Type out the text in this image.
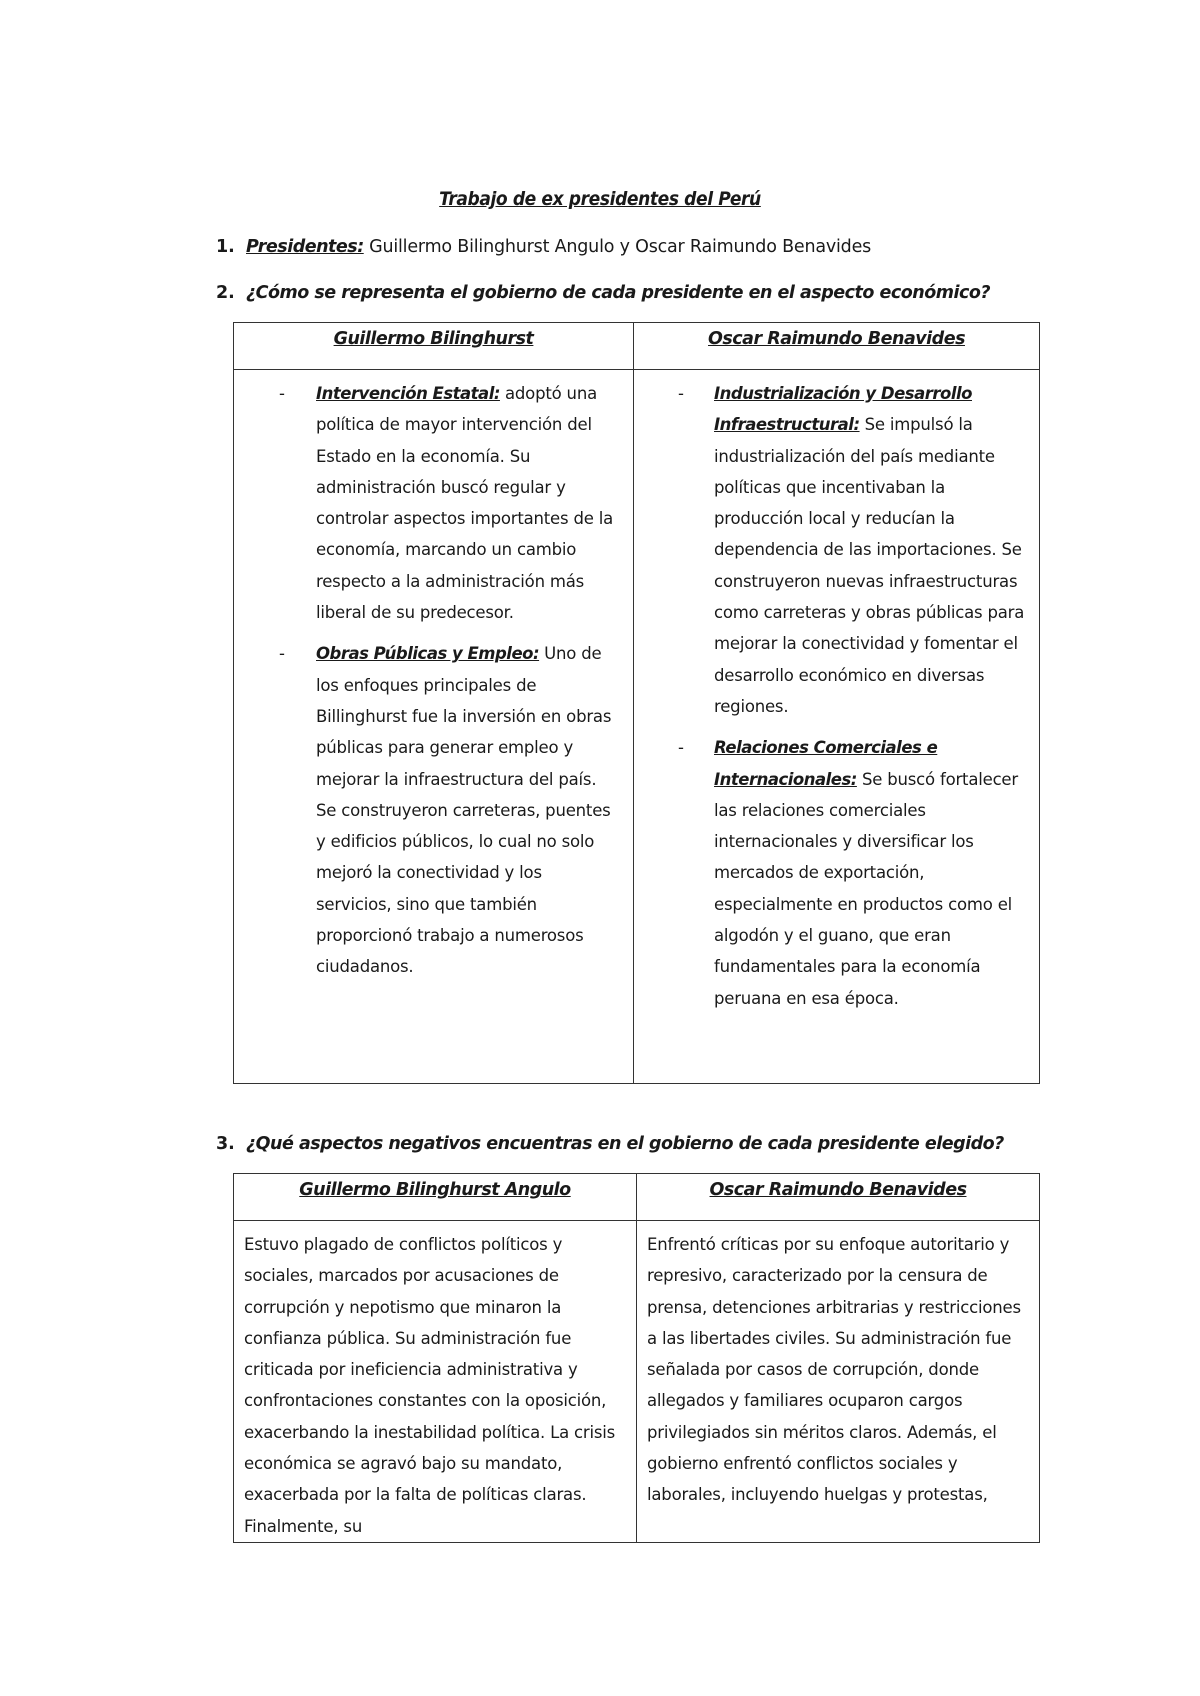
Trabajo de ex presidentes del Perú
1. Presidentes: Guillermo Bilinghurst Angulo y Oscar Raimundo Benavides
2. ¿Cómo se representa el gobierno de cada presidente en el aspecto económico?
Guillermo Bilinghurst	Oscar Raimundo Benavides

- Intervención Estatal: adoptó una política de mayor intervención del Estado en la economía. Su administración buscó regular y controlar aspectos importantes de la economía, marcando un cambio respecto a la administración más liberal de su predecesor.
- Obras Públicas y Empleo: Uno de los enfoques principales de Billinghurst fue la inversión en obras públicas para generar empleo y mejorar la infraestructura del país. Se construyeron carreteras, puentes y edificios públicos, lo cual no solo mejoró la conectividad y los servicios, sino que también proporcionó trabajo a numerosos ciudadanos.

- Industrialización y Desarrollo Infraestructural: Se impulsó la industrialización del país mediante políticas que incentivaban la producción local y reducían la dependencia de las importaciones. Se construyeron nuevas infraestructuras como carreteras y obras públicas para mejorar la conectividad y fomentar el desarrollo económico en diversas regiones.
- Relaciones Comerciales e Internacionales: Se buscó fortalecer las relaciones comerciales internacionales y diversificar los mercados de exportación, especialmente en productos como el algodón y el guano, que eran fundamentales para la economía peruana en esa época.
3. ¿Qué aspectos negativos encuentras en el gobierno de cada presidente elegido?
Guillermo Bilinghurst Angulo	Oscar Raimundo Benavides

Estuvo plagado de conflictos políticos y sociales, marcados por acusaciones de corrupción y nepotismo que minaron la confianza pública. Su administración fue criticada por ineficiencia administrativa y confrontaciones constantes con la oposición, exacerbando la inestabilidad política. La crisis económica se agravó bajo su mandato, exacerbada por la falta de políticas claras. Finalmente, su

Enfrentó críticas por su enfoque autoritario y represivo, caracterizado por la censura de prensa, detenciones arbitrarias y restricciones a las libertades civiles. Su administración fue señalada por casos de corrupción, donde allegados y familiares ocuparon cargos privilegiados sin méritos claros. Además, el gobierno enfrentó conflictos sociales y laborales, incluyendo huelgas y protestas,
